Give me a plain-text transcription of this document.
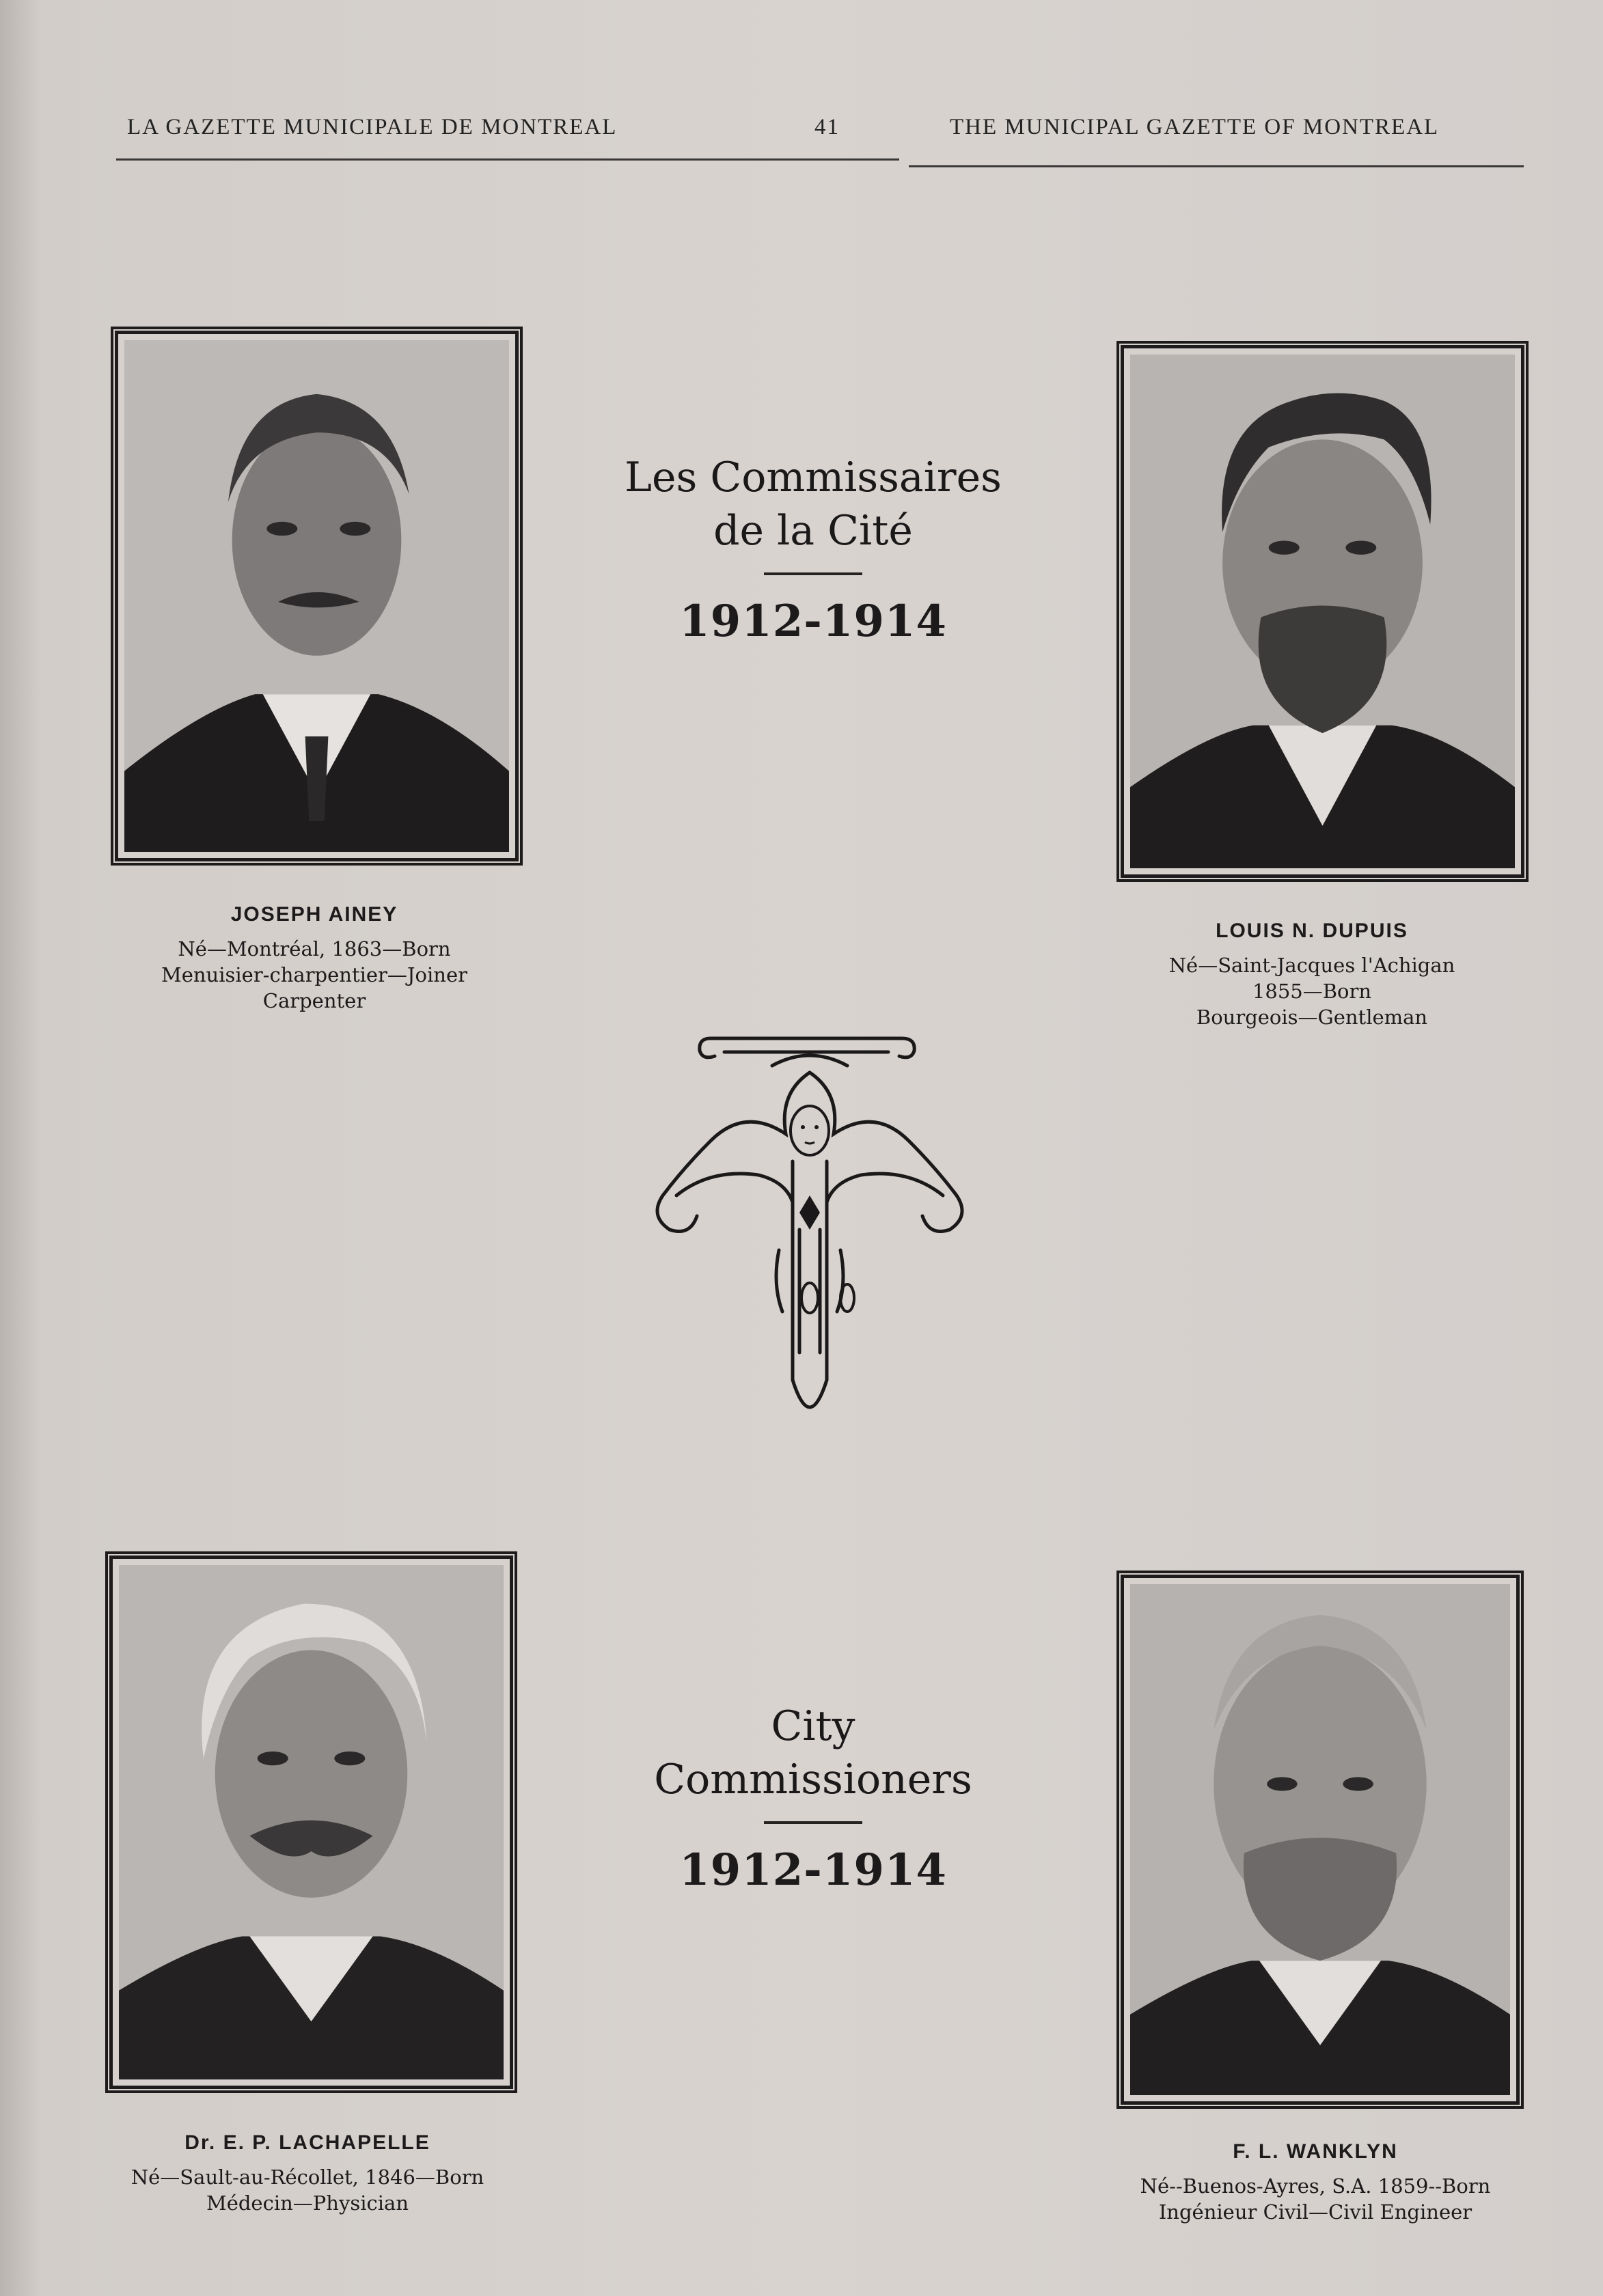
LA GAZETTE MUNICIPALE DE MONTREAL	41	THE MUNICIPAL GAZETTE OF MONTREAL
JOSEPH AINEY
Né—Montréal, 1863—Born
Menuisier-charpentier—Joiner
Carpenter
LOUIS N. DUPUIS
Né—Saint-Jacques l'Achigan
1855—Born
Bourgeois—Gentleman
Dr. E. P. LACHAPELLE
Né—Sault-au-Récollet, 1846—Born
Médecin—Physician
F. L. WANKLYN
Né--Buenos-Ayres, S.A. 1859--Born
Ingénieur Civil—Civil Engineer
Les Commissaires
de la Cité
1912-1914
City
Commissioners
1912-1914
